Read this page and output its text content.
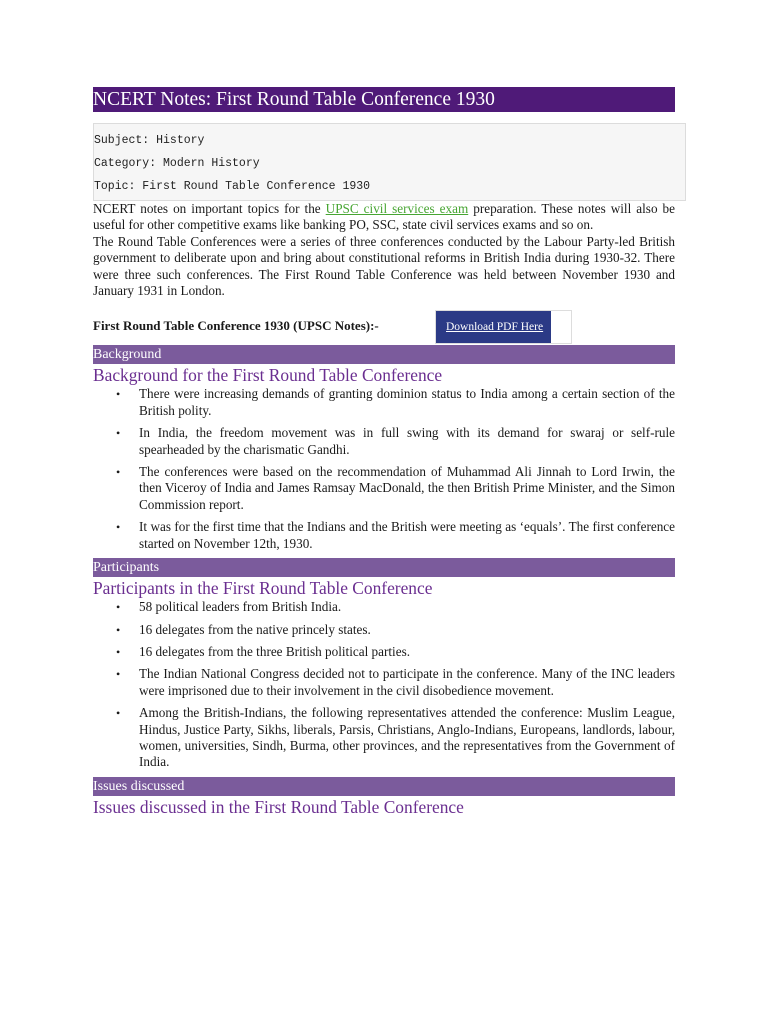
NCERT Notes: First Round Table Conference 1930
Subject: History
Category: Modern History
Topic: First Round Table Conference 1930

NCERT notes on important topics for the UPSC civil services exam preparation. These notes will also be useful for other competitive exams like banking PO, SSC, state civil services exams and so on.

The Round Table Conferences were a series of three conferences conducted by the Labour Party-led British government to deliberate upon and bring about constitutional reforms in British India during 1930-32. There were three such conferences. The First Round Table Conference was held between November 1930 and January 1931 in London.

First Round Table Conference 1930 (UPSC Notes):-	Download PDF Here
Background
Background for the First Round Table Conference
• There were increasing demands of granting dominion status to India among a certain section of the British polity.
• In India, the freedom movement was in full swing with its demand for swaraj or self-rule spearheaded by the charismatic Gandhi.
• The conferences were based on the recommendation of Muhammad Ali Jinnah to Lord Irwin, the then Viceroy of India and James Ramsay MacDonald, the then British Prime Minister, and the Simon Commission report.
• It was for the first time that the Indians and the British were meeting as ‘equals’. The first conference started on November 12th, 1930.
Participants
Participants in the First Round Table Conference
• 58 political leaders from British India.
• 16 delegates from the native princely states.
• 16 delegates from the three British political parties.
• The Indian National Congress decided not to participate in the conference. Many of the INC leaders were imprisoned due to their involvement in the civil disobedience movement.
• Among the British-Indians, the following representatives attended the conference: Muslim League, Hindus, Justice Party, Sikhs, liberals, Parsis, Christians, Anglo-Indians, Europeans, landlords, labour, women, universities, Sindh, Burma, other provinces, and the representatives from the Government of India.
Issues discussed
Issues discussed in the First Round Table Conference
